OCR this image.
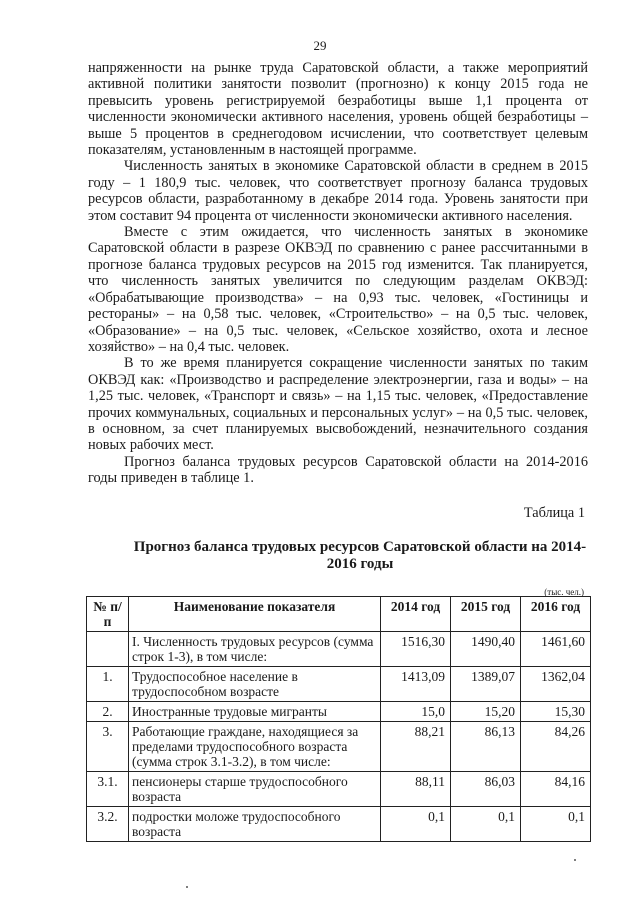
29

напряженности на рынке труда Саратовской области, а также мероприятий активной политики занятости позволит (прогнозно) к концу 2015 года не превысить уровень регистрируемой безработицы выше 1,1 процента от численности экономически активного населения, уровень общей безработицы – выше 5 процентов в среднегодовом исчислении, что соответствует целевым показателям, установленным в настоящей программе.

Численность занятых в экономике Саратовской области в среднем в 2015 году – 1 180,9 тыс. человек, что соответствует прогнозу баланса трудовых ресурсов области, разработанному в декабре 2014 года. Уровень занятости при этом составит 94 процента от численности экономически активного населения.

Вместе с этим ожидается, что численность занятых в экономике Саратовской области в разрезе ОКВЭД по сравнению с ранее рассчитанными в прогнозе баланса трудовых ресурсов на 2015 год изменится. Так планируется, что численность занятых увеличится по следующим разделам ОКВЭД: «Обрабатывающие производства» – на 0,93 тыс. человек, «Гостиницы и рестораны» – на 0,58 тыс. человек, «Строительство» – на 0,5 тыс. человек, «Образование» – на 0,5 тыс. человек, «Сельское хозяйство, охота и лесное хозяйство» – на 0,4 тыс. человек.

В то же время планируется сокращение численности занятых по таким ОКВЭД как: «Производство и распределение электроэнергии, газа и воды» – на 1,25 тыс. человек, «Транспорт и связь» – на 1,15 тыс. человек, «Предоставление прочих коммунальных, социальных и персональных услуг» – на 0,5 тыс. человек, в основном, за счет планируемых высвобождений, незначительного создания новых рабочих мест.

Прогноз баланса трудовых ресурсов Саратовской области на 2014-2016 годы приведен в таблице 1.

Таблица 1
Прогноз баланса трудовых ресурсов Саратовской области на 2014-2016 годы
(тыс. чел.)
№ п/п	Наименование показателя	2014 год	2015 год	2016 год
	I. Численность трудовых ресурсов (сумма строк 1-3), в том числе:	1516,30	1490,40	1461,60
1.	Трудоспособное население в трудоспособном возрасте	1413,09	1389,07	1362,04
2.	Иностранные трудовые мигранты	15,0	15,20	15,30
3.	Работающие граждане, находящиеся за пределами трудоспособного возраста (сумма строк 3.1-3.2), в том числе:	88,21	86,13	84,26
3.1.	пенсионеры старше трудоспособного возраста	88,11	86,03	84,16
3.2.	подростки моложе трудоспособного возраста	0,1	0,1	0,1
